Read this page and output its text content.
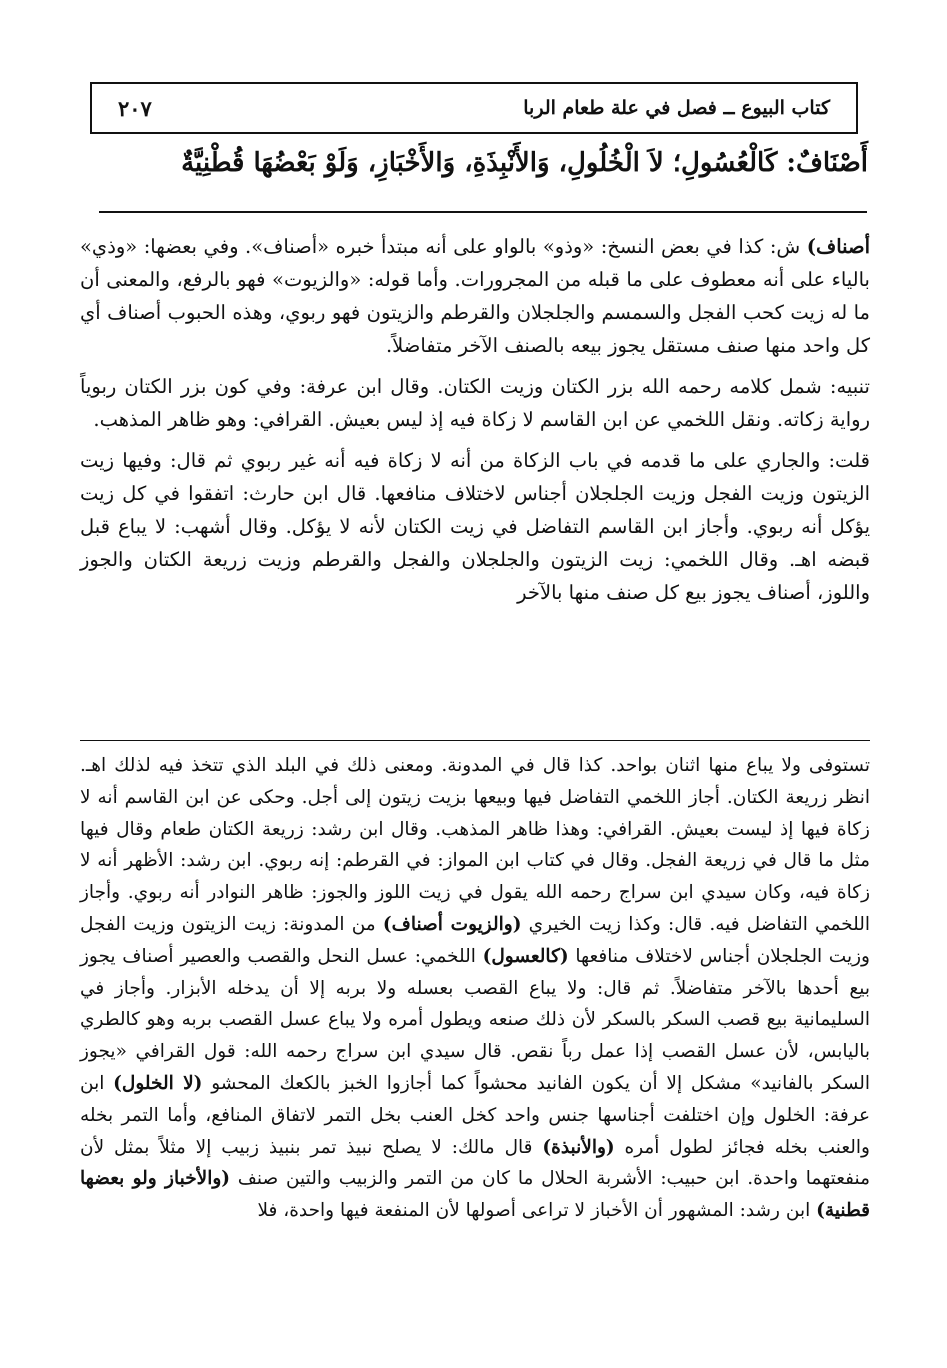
كتاب البيوع ــ فصل في علة طعام الربا
٢٠٧
أَصْنَافٌ: كَالْعُسُولِ؛ لاَ الْخُلُولِ، وَالأَنْبِذَةِ، وَالأَخْبَازِ، وَلَوْ بَعْضُهَا قُطْنِيَّةٌ

أصناف) ش: كذا في بعض النسخ: «وذو» بالواو على أنه مبتدأ خبره «أصناف». وفي بعضها: «وذي» بالياء على أنه معطوف على ما قبله من المجرورات. وأما قوله: «والزيوت» فهو بالرفع، والمعنى أن ما له زيت كحب الفجل والسمسم والجلجلان والقرطم والزيتون فهو ربوي، وهذه الحبوب أصناف أي كل واحد منها صنف مستقل يجوز بيعه بالصنف الآخر متفاضلاً.

تنبيه: شمل كلامه رحمه الله بزر الكتان وزيت الكتان. وقال ابن عرفة: وفي كون بزر الكتان ربوياً رواية زكاته. ونقل اللخمي عن ابن القاسم لا زكاة فيه إذ ليس بعيش. القرافي: وهو ظاهر المذهب.

قلت: والجاري على ما قدمه في باب الزكاة من أنه لا زكاة فيه أنه غير ربوي ثم قال: وفيها زيت الزيتون وزيت الفجل وزيت الجلجلان أجناس لاختلاف منافعها. قال ابن حارث: اتفقوا في كل زيت يؤكل أنه ربوي. وأجاز ابن القاسم التفاضل في زيت الكتان لأنه لا يؤكل. وقال أشهب: لا يباع قبل قبضه اهـ. وقال اللخمي: زيت الزيتون والجلجلان والفجل والقرطم وزيت زريعة الكتان والجوز واللوز، أصناف يجوز بيع كل صنف منها بالآخر

تستوفى ولا يباع منها اثنان بواحد. كذا قال في المدونة. ومعنى ذلك في البلد الذي تتخذ فيه لذلك اهـ. انظر زريعة الكتان. أجاز اللخمي التفاضل فيها وبيعها بزيت زيتون إلى أجل. وحكى عن ابن القاسم أنه لا زكاة فيها إذ ليست بعيش. القرافي: وهذا ظاهر المذهب. وقال ابن رشد: زريعة الكتان طعام وقال فيها مثل ما قال في زريعة الفجل. وقال في كتاب ابن المواز: في القرطم: إنه ربوي. ابن رشد: الأظهر أنه لا زكاة فيه، وكان سيدي ابن سراج رحمه الله يقول في زيت اللوز والجوز: ظاهر النوادر أنه ربوي. وأجاز اللخمي التفاضل فيه. قال: وكذا زيت الخيري (والزيوت أصناف) من المدونة: زيت الزيتون وزيت الفجل وزيت الجلجلان أجناس لاختلاف منافعها (كالعسول) اللخمي: عسل النحل والقصب والعصير أصناف يجوز بيع أحدها بالآخر متفاضلاً. ثم قال: ولا يباع القصب بعسله ولا بربه إلا أن يدخله الأبزار. وأجاز في السليمانية بيع قصب السكر بالسكر لأن ذلك صنعه ويطول أمره ولا يباع عسل القصب بربه وهو كالطري باليابس، لأن عسل القصب إذا عمل رباً نقص. قال سيدي ابن سراج رحمه الله: قول القرافي «يجوز السكر بالفانيد» مشكل إلا أن يكون الفانيد محشواً كما أجازوا الخبز بالكعك المحشو (لا الخلول) ابن عرفة: الخلول وإن اختلفت أجناسها جنس واحد كخل العنب بخل التمر لاتفاق المنافع، وأما التمر بخله والعنب بخله فجائز لطول أمره (والأنبذة) قال مالك: لا يصلح نبيذ تمر بنبيذ زبيب إلا مثلاً بمثل لأن منفعتهما واحدة. ابن حبيب: الأشربة الحلال ما كان من التمر والزبيب والتين صنف (والأخباز ولو بعضها قطنية) ابن رشد: المشهور أن الأخباز لا تراعى أصولها لأن المنفعة فيها واحدة، فلا
